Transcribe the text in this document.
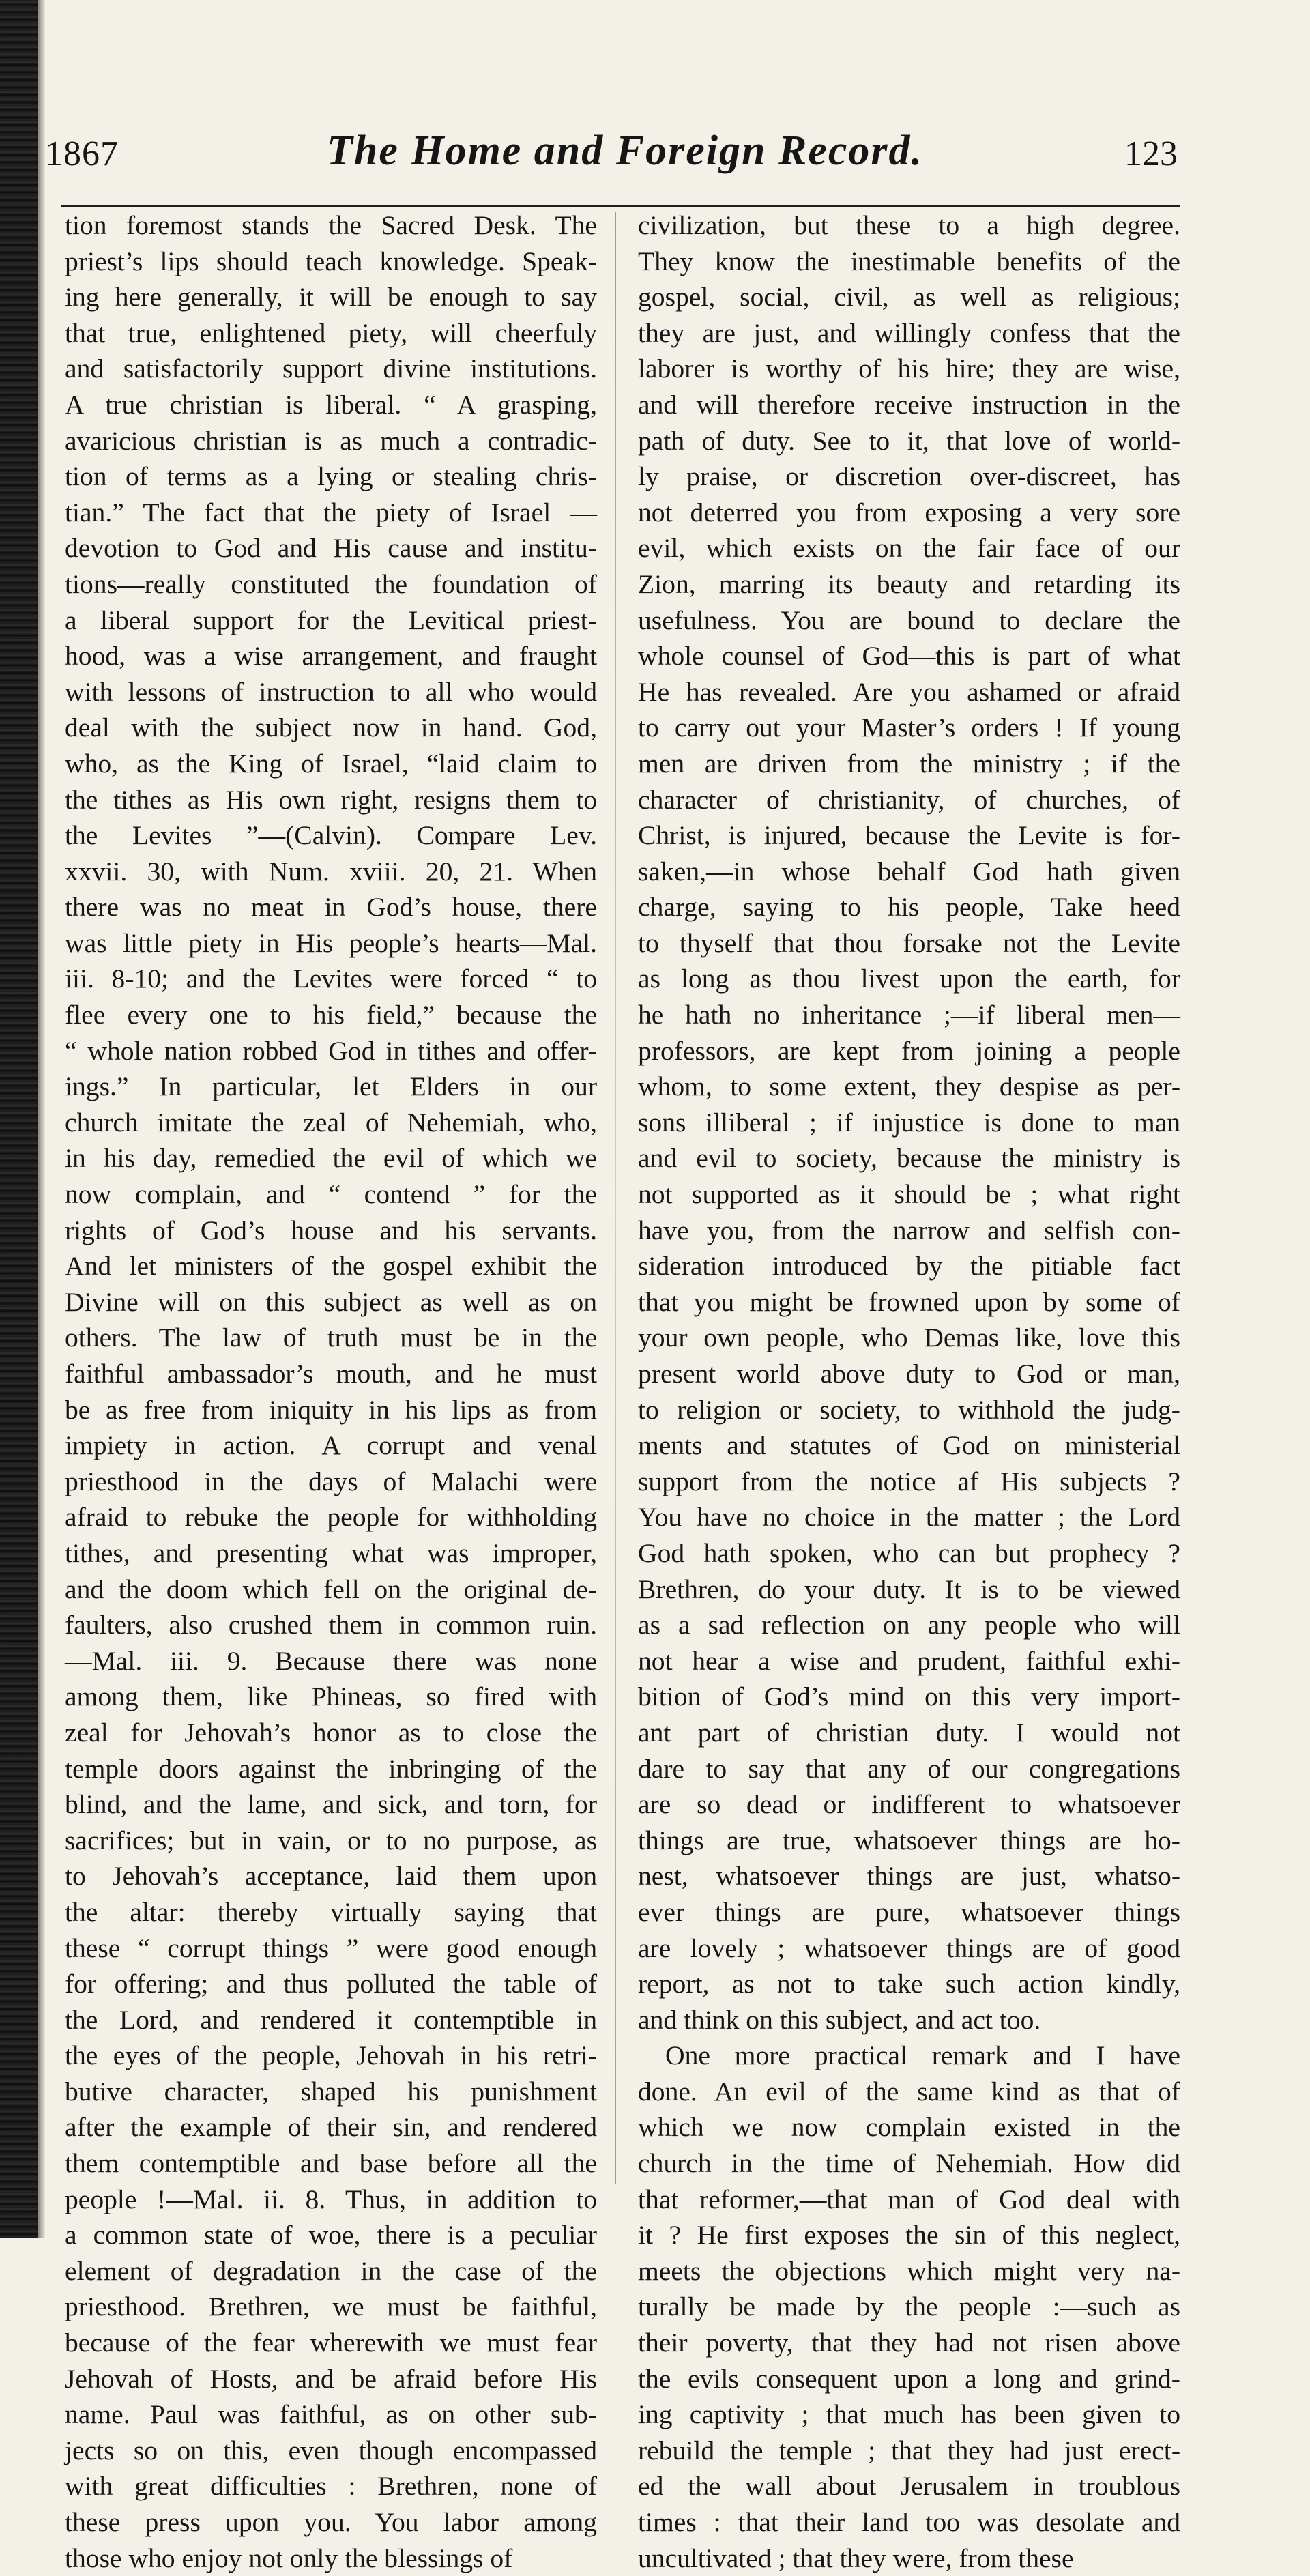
1867	The Home and Foreign Record.	123
tion foremost stands the Sacred Desk. The
priest’s lips should teach knowledge. Speak-
ing here generally, it will be enough to say
that true, enlightened piety, will cheerfuly
and satisfactorily support divine institutions.
A true christian is liberal. “ A grasping,
avaricious christian is as much a contradic-
tion of terms as a lying or stealing chris-
tian.” The fact that the piety of Israel —
devotion to God and His cause and institu-
tions—really constituted the foundation of
a liberal support for the Levitical priest-
hood, was a wise arrangement, and fraught
with lessons of instruction to all who would
deal with the subject now in hand. God,
who, as the King of Israel, “laid claim to
the tithes as His own right, resigns them to
the Levites ”—(Calvin). Compare Lev.
xxvii. 30, with Num. xviii. 20, 21. When
there was no meat in God’s house, there
was little piety in His people’s hearts—Mal.
iii. 8-10; and the Levites were forced “ to
flee every one to his field,” because the
“ whole nation robbed God in tithes and offer-
ings.” In particular, let Elders in our
church imitate the zeal of Nehemiah, who,
in his day, remedied the evil of which we
now complain, and “ contend ” for the
rights of God’s house and his servants.
And let ministers of the gospel exhibit the
Divine will on this subject as well as on
others. The law of truth must be in the
faithful ambassador’s mouth, and he must
be as free from iniquity in his lips as from
impiety in action. A corrupt and venal
priesthood in the days of Malachi were
afraid to rebuke the people for withholding
tithes, and presenting what was improper,
and the doom which fell on the original de-
faulters, also crushed them in common ruin.
—Mal. iii. 9. Because there was none
among them, like Phineas, so fired with
zeal for Jehovah’s honor as to close the
temple doors against the inbringing of the
blind, and the lame, and sick, and torn, for
sacrifices; but in vain, or to no purpose, as
to Jehovah’s acceptance, laid them upon
the altar: thereby virtually saying that
these “ corrupt things ” were good enough
for offering; and thus polluted the table of
the Lord, and rendered it contemptible in
the eyes of the people, Jehovah in his retri-
butive character, shaped his punishment
after the example of their sin, and rendered
them contemptible and base before all the
people !—Mal. ii. 8. Thus, in addition to
a common state of woe, there is a peculiar
element of degradation in the case of the
priesthood. Brethren, we must be faithful,
because of the fear wherewith we must fear
Jehovah of Hosts, and be afraid before His
name. Paul was faithful, as on other sub-
jects so on this, even though encompassed
with great difficulties : Brethren, none of
these press upon you. You labor among
those who enjoy not only the blessings of
civilization, but these to a high degree.
They know the inestimable benefits of the
gospel, social, civil, as well as religious;
they are just, and willingly confess that the
laborer is worthy of his hire; they are wise,
and will therefore receive instruction in the
path of duty. See to it, that love of world-
ly praise, or discretion over-discreet, has
not deterred you from exposing a very sore
evil, which exists on the fair face of our
Zion, marring its beauty and retarding its
usefulness. You are bound to declare the
whole counsel of God—this is part of what
He has revealed. Are you ashamed or afraid
to carry out your Master’s orders ! If young
men are driven from the ministry ; if the
character of christianity, of churches, of
Christ, is injured, because the Levite is for-
saken,—in whose behalf God hath given
charge, saying to his people, Take heed
to thyself that thou forsake not the Levite
as long as thou livest upon the earth, for
he hath no inheritance ;—if liberal men—
professors, are kept from joining a people
whom, to some extent, they despise as per-
sons illiberal ; if injustice is done to man
and evil to society, because the ministry is
not supported as it should be ; what right
have you, from the narrow and selfish con-
sideration introduced by the pitiable fact
that you might be frowned upon by some of
your own people, who Demas like, love this
present world above duty to God or man,
to religion or society, to withhold the judg-
ments and statutes of God on ministerial
support from the notice af His subjects ?
You have no choice in the matter ; the Lord
God hath spoken, who can but prophecy ?
Brethren, do your duty. It is to be viewed
as a sad reflection on any people who will
not hear a wise and prudent, faithful exhi-
bition of God’s mind on this very import-
ant part of christian duty. I would not
dare to say that any of our congregations
are so dead or indifferent to whatsoever
things are true, whatsoever things are ho-
nest, whatsoever things are just, whatso-
ever things are pure, whatsoever things
are lovely ; whatsoever things are of good
report, as not to take such action kindly,
and think on this subject, and act too.
One more practical remark and I have
done. An evil of the same kind as that of
which we now complain existed in the
church in the time of Nehemiah. How did
that reformer,—that man of God deal with
it ? He first exposes the sin of this neglect,
meets the objections which might very na-
turally be made by the people :—such as
their poverty, that they had not risen above
the evils consequent upon a long and grind-
ing captivity ; that much has been given to
rebuild the temple ; that they had just erect-
ed the wall about Jerusalem in troublous
times : that their land too was desolate and
uncultivated ; that they were, from these
